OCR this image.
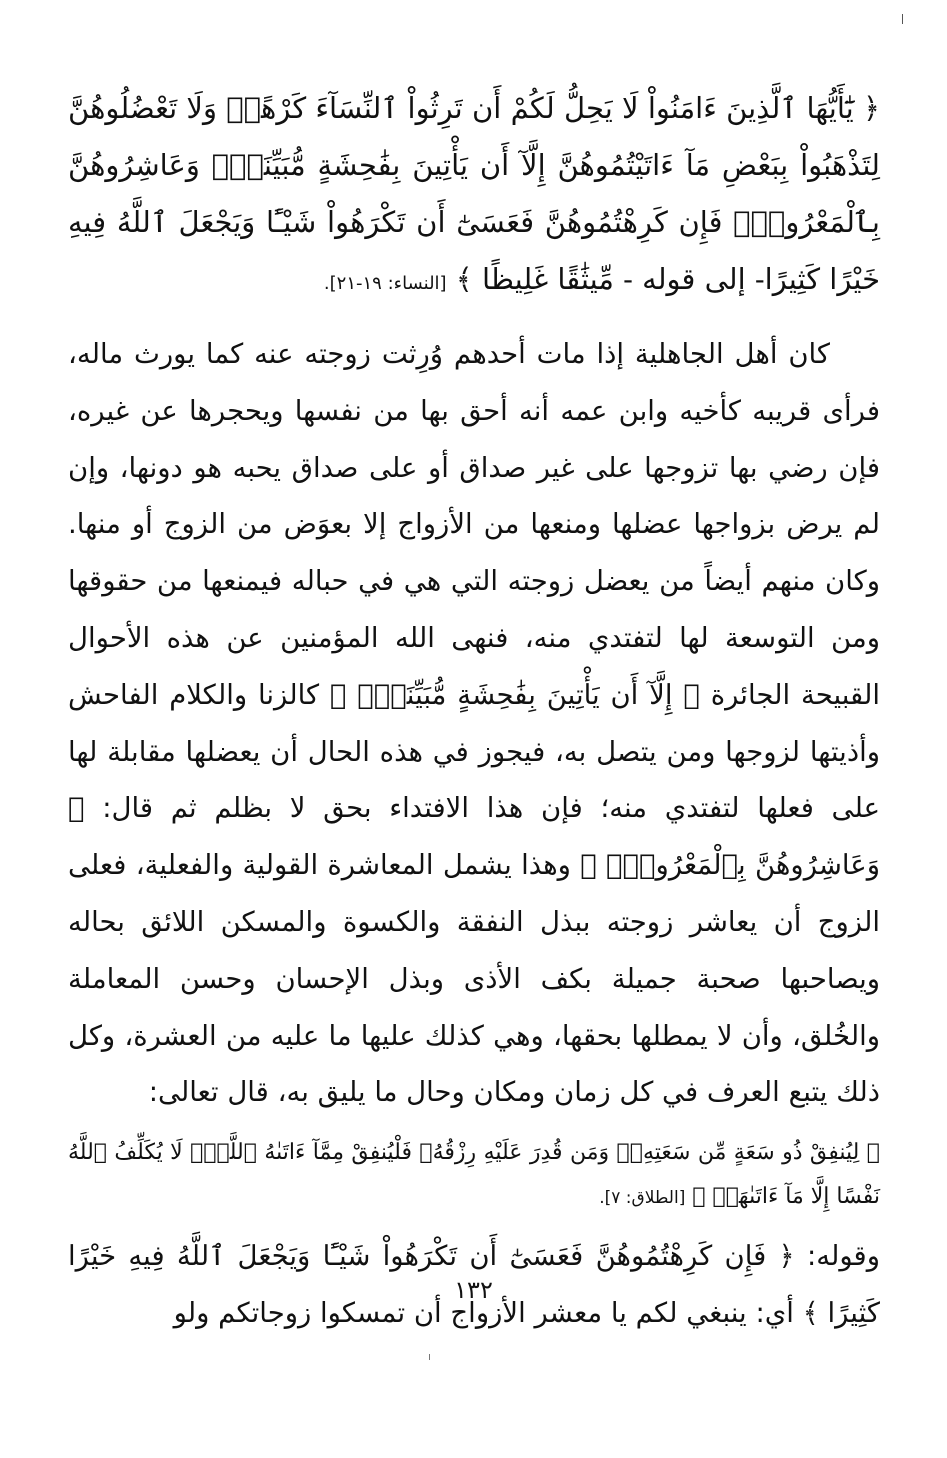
﴿ يَٰٓأَيُّهَا ٱلَّذِينَ ءَامَنُواْ لَا يَحِلُّ لَكُمْ أَن تَرِثُواْ ٱلنِّسَآءَ كَرْهًاۖ وَلَا تَعْضُلُوهُنَّ لِتَذْهَبُواْ بِبَعْضِ مَآ ءَاتَيْتُمُوهُنَّ إِلَّآ أَن يَأْتِينَ بِفَٰحِشَةٍ مُّبَيِّنَةٍۚ وَعَاشِرُوهُنَّ بِٱلْمَعْرُوفِۚ فَإِن كَرِهْتُمُوهُنَّ فَعَسَىٰٓ أَن تَكْرَهُواْ شَيْـًٔا وَيَجْعَلَ ٱللَّهُ فِيهِ خَيْرًا كَثِيرًا- إلى قوله - مِّيثَٰقًا غَلِيظًا ﴾ [النساء: ١٩-٢١].

كان أهل الجاهلية إذا مات أحدهم وُرِثت زوجته عنه كما يورث ماله، فرأى قريبه كأخيه وابن عمه أنه أحق بها من نفسها ويحجرها عن غيره، فإن رضي بها تزوجها على غير صداق أو على صداق يحبه هو دونها، وإن لم يرض بزواجها عضلها ومنعها من الأزواج إلا بعوَض من الزوج أو منها. وكان منهم أيضاً من يعضل زوجته التي هي في حباله فيمنعها من حقوقها ومن التوسعة لها لتفتدي منه، فنهى الله المؤمنين عن هذه الأحوال القبيحة الجائرة ﴿ إِلَّآ أَن يَأْتِينَ بِفَٰحِشَةٍ مُّبَيِّنَةٍۚ ﴾ كالزنا والكلام الفاحش وأذيتها لزوجها ومن يتصل به، فيجوز في هذه الحال أن يعضلها مقابلة لها على فعلها لتفتدي منه؛ فإن هذا الافتداء بحق لا بظلم ثم قال: ﴿ وَعَاشِرُوهُنَّ بِٱلْمَعْرُوفِۚ ﴾ وهذا يشمل المعاشرة القولية والفعلية، فعلى الزوج أن يعاشر زوجته ببذل النفقة والكسوة والمسكن اللائق بحاله ويصاحبها صحبة جميلة بكف الأذى وبذل الإحسان وحسن المعاملة والخُلق، وأن لا يمطلها بحقها، وهي كذلك عليها ما عليه من العشرة، وكل ذلك يتبع العرف في كل زمان ومكان وحال ما يليق به، قال تعالى:

﴿ لِيُنفِقْ ذُو سَعَةٍ مِّن سَعَتِهِۦۖ وَمَن قُدِرَ عَلَيْهِ رِزْقُهُۥ فَلْيُنفِقْ مِمَّآ ءَاتَىٰهُ ٱللَّهُۚ لَا يُكَلِّفُ ٱللَّهُ نَفْسًا إِلَّا مَآ ءَاتَىٰهَاۚ ﴾ [الطلاق: ٧].

وقوله: ﴿ فَإِن كَرِهْتُمُوهُنَّ فَعَسَىٰٓ أَن تَكْرَهُواْ شَيْـًٔا وَيَجْعَلَ ٱللَّهُ فِيهِ خَيْرًا كَثِيرًا ﴾ أي: ينبغي لكم يا معشر الأزواج أن تمسكوا زوجاتكم ولو

١٣٢
